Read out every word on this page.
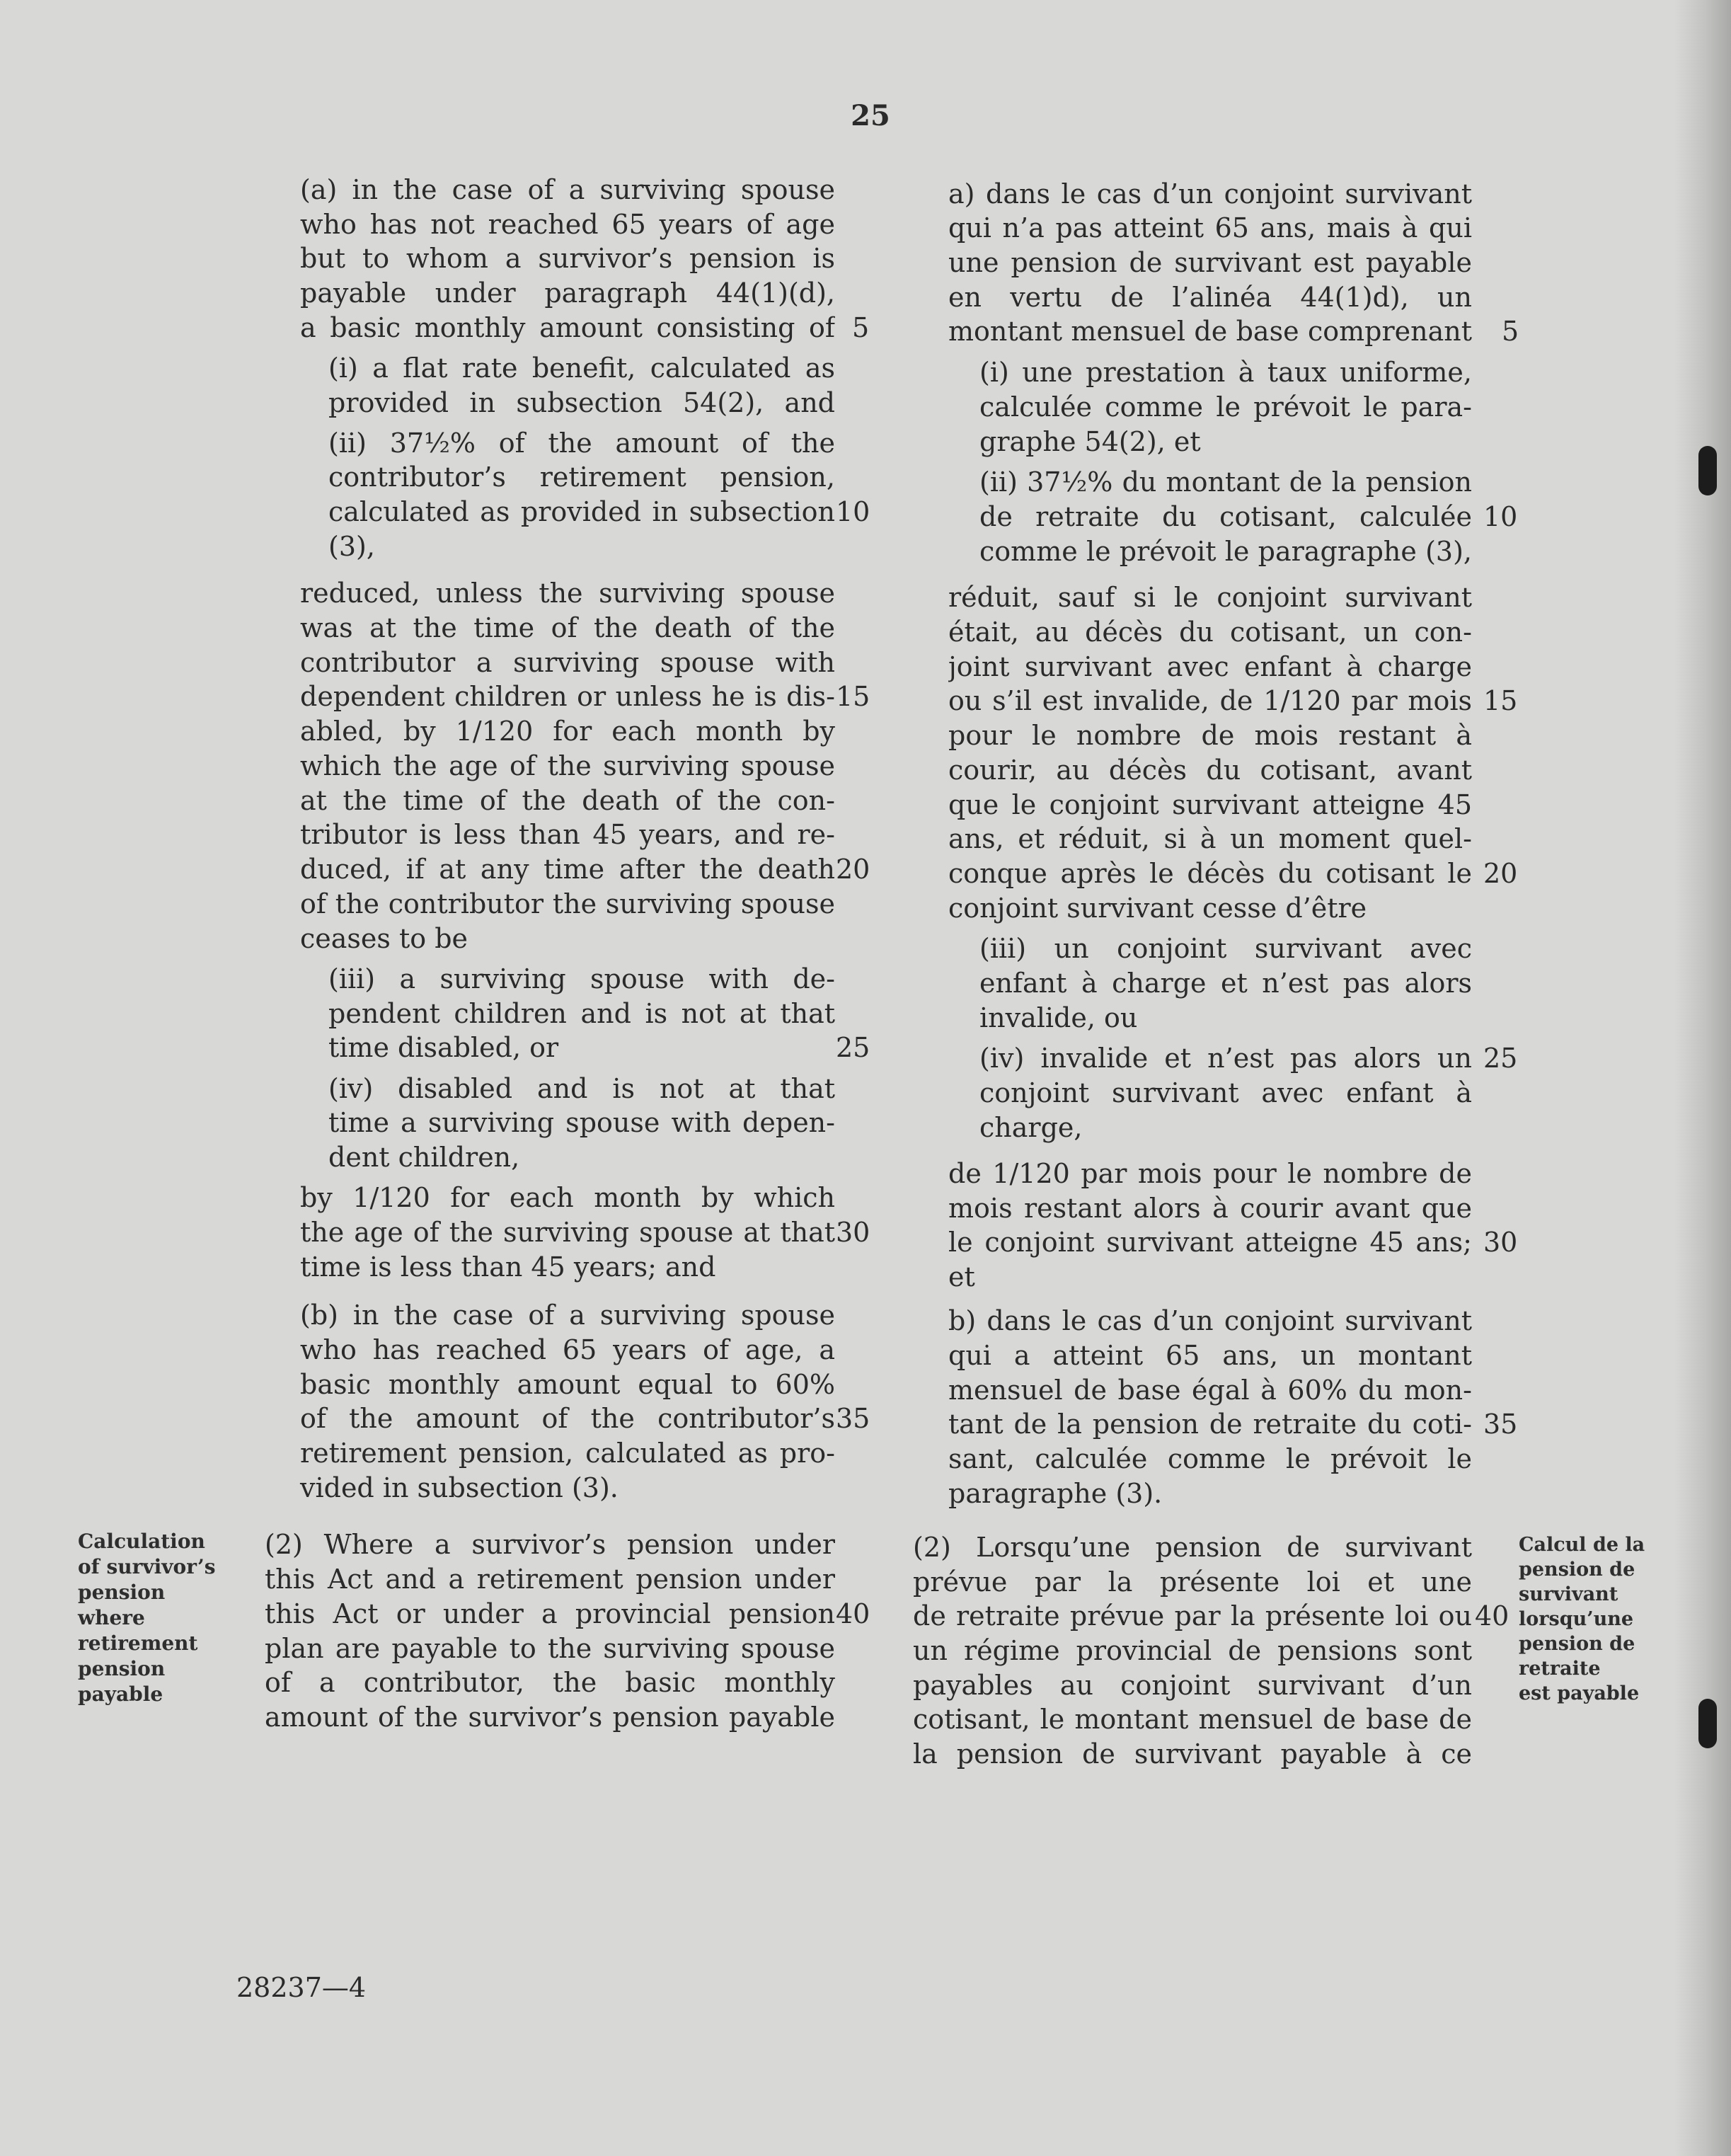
25
(a) in the case of a surviving spouse
who has not reached 65 years of age
but to whom a survivor’s pension is
payable under paragraph 44(1)(d),
a basic monthly amount consisting of
(i) a flat rate benefit, calculated as
provided in subsection 54(2), and
(ii) 37½% of the amount of the
contributor’s retirement pension,
calculated as provided in subsection
(3),
reduced, unless the surviving spouse
was at the time of the death of the
contributor a surviving spouse with
dependent children or unless he is dis-
abled, by 1/120 for each month by
which the age of the surviving spouse
at the time of the death of the con-
tributor is less than 45 years, and re-
duced, if at any time after the death
of the contributor the surviving spouse
ceases to be
(iii) a surviving spouse with de-
pendent children and is not at that
time disabled, or
(iv) disabled and is not at that
time a surviving spouse with depen-
dent children,
by 1/120 for each month by which
the age of the surviving spouse at that
time is less than 45 years; and
(b) in the case of a surviving spouse
who has reached 65 years of age, a
basic monthly amount equal to 60%
of the amount of the contributor’s
retirement pension, calculated as pro-
vided in subsection (3).
(2) Where a survivor’s pension under
this Act and a retirement pension under
this Act or under a provincial pension
plan are payable to the surviving spouse
of a contributor, the basic monthly
amount of the survivor’s pension payable
a) dans le cas d’un conjoint survivant
qui n’a pas atteint 65 ans, mais à qui
une pension de survivant est payable
en vertu de l’alinéa 44(1)d), un
montant mensuel de base comprenant
(i) une prestation à taux uniforme,
calculée comme le prévoit le para-
graphe 54(2), et
(ii) 37½% du montant de la pension
de retraite du cotisant, calculée
comme le prévoit le paragraphe (3),
réduit, sauf si le conjoint survivant
était, au décès du cotisant, un con-
joint survivant avec enfant à charge
ou s’il est invalide, de 1/120 par mois
pour le nombre de mois restant à
courir, au décès du cotisant, avant
que le conjoint survivant atteigne 45
ans, et réduit, si à un moment quel-
conque après le décès du cotisant le
conjoint survivant cesse d’être
(iii) un conjoint survivant avec
enfant à charge et n’est pas alors
invalide, ou
(iv) invalide et n’est pas alors un
conjoint survivant avec enfant à
charge,
de 1/120 par mois pour le nombre de
mois restant alors à courir avant que
le conjoint survivant atteigne 45 ans;
et
b) dans le cas d’un conjoint survivant
qui a atteint 65 ans, un montant
mensuel de base égal à 60% du mon-
tant de la pension de retraite du coti-
sant, calculée comme le prévoit le
paragraphe (3).
(2) Lorsqu’une pension de survivant
prévue par la présente loi et une
de retraite prévue par la présente loi ou
un régime provincial de pensions sont
payables au conjoint survivant d’un
cotisant, le montant mensuel de base de
la pension de survivant payable à ce
5
10
15
20
25
30
35
40
5
10
15
20
25
30
35
40
Calculation
of survivor’s
pension
where
retirement
pension
payable
Calcul de la
pension de
survivant
lorsqu’une
pension de
retraite
est payable
28237—4
